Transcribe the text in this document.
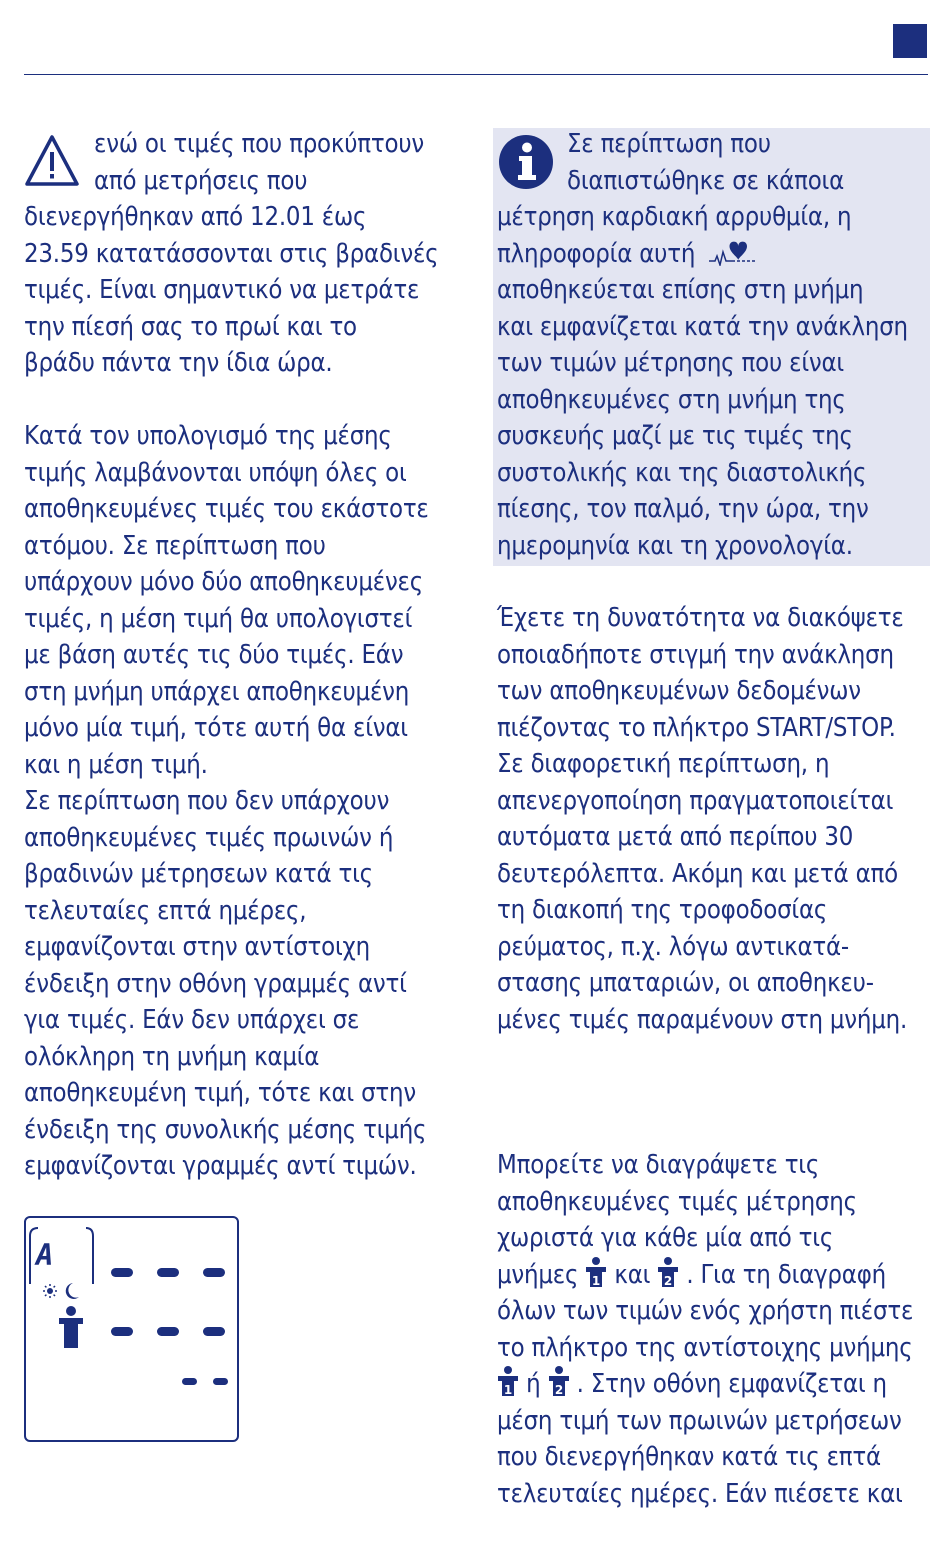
ενώ οι τιμές που προκύπτουν
από μετρήσεις που
διενεργήθηκαν από 12.01 έως
23.59 κατατάσσονται στις βραδινές
τιμές. Είναι σημαντικό να μετράτε
την πίεσή σας το πρωί και το
βράδυ πάντα την ίδια ώρα.
Κατά τον υπολογισμό της μέσης
τιμής λαμβάνονται υπόψη όλες οι
αποθηκευμένες τιμές του εκάστοτε
ατόμου. Σε περίπτωση που
υπάρχουν μόνο δύο αποθηκευμένες
τιμές, η μέση τιμή θα υπολογιστεί
με βάση αυτές τις δύο τιμές. Εάν
στη μνήμη υπάρχει αποθηκευμένη
μόνο μία τιμή, τότε αυτή θα είναι
και η μέση τιμή.
Σε περίπτωση που δεν υπάρχουν
αποθηκευμένες τιμές πρωινών ή
βραδινών μέτρησεων κατά τις
τελευταίες επτά ημέρες,
εμφανίζονται στην αντίστοιχη
ένδειξη στην οθόνη γραμμές αντί
για τιμές. Εάν δεν υπάρχει σε
ολόκληρη τη μνήμη καμία
αποθηκευμένη τιμή, τότε και στην
ένδειξη της συνολικής μέσης τιμής
εμφανίζονται γραμμές αντί τιμών.
A
Σε περίπτωση που
διαπιστώθηκε σε κάποια
μέτρηση καρδιακή αρρυθμία, η
πληροφορία αυτή
αποθηκεύεται επίσης στη μνήμη
και εμφανίζεται κατά την ανάκληση
των τιμών μέτρησης που είναι
αποθηκευμένες στη μνήμη της
συσκευής μαζί με τις τιμές της
συστολικής και της διαστολικής
πίεσης, τον παλμό, την ώρα, την
ημερομηνία και τη χρονολογία.
Έχετε τη δυνατότητα να διακόψετε
οποιαδήποτε στιγμή την ανάκληση
των αποθηκευμένων δεδομένων
πιέζοντας το πλήκτρο START/STOP.
Σε διαφορετική περίπτωση, η
απενεργοποίηση πραγματοποιείται
αυτόματα μετά από περίπου 30
δευτερόλεπτα. Ακόμη και μετά από
τη διακοπή της τροφοδοσίας
ρεύματος, π.χ. λόγω αντικατά-
στασης μπαταριών, οι αποθηκευ-
μένες τιμές παραμένουν στη μνήμη.
Μπορείτε να διαγράψετε τις
αποθηκευμένες τιμές μέτρησης
χωριστά για κάθε μία από τις
μνήμες 1 και 2 . Για τη διαγραφή
όλων των τιμών ενός χρήστη πιέστε
το πλήκτρο της αντίστοιχης μνήμης
1 ή 2 . Στην οθόνη εμφανίζεται η
μέση τιμή των πρωινών μετρήσεων
που διενεργήθηκαν κατά τις επτά
τελευταίες ημέρες. Εάν πιέσετε και
